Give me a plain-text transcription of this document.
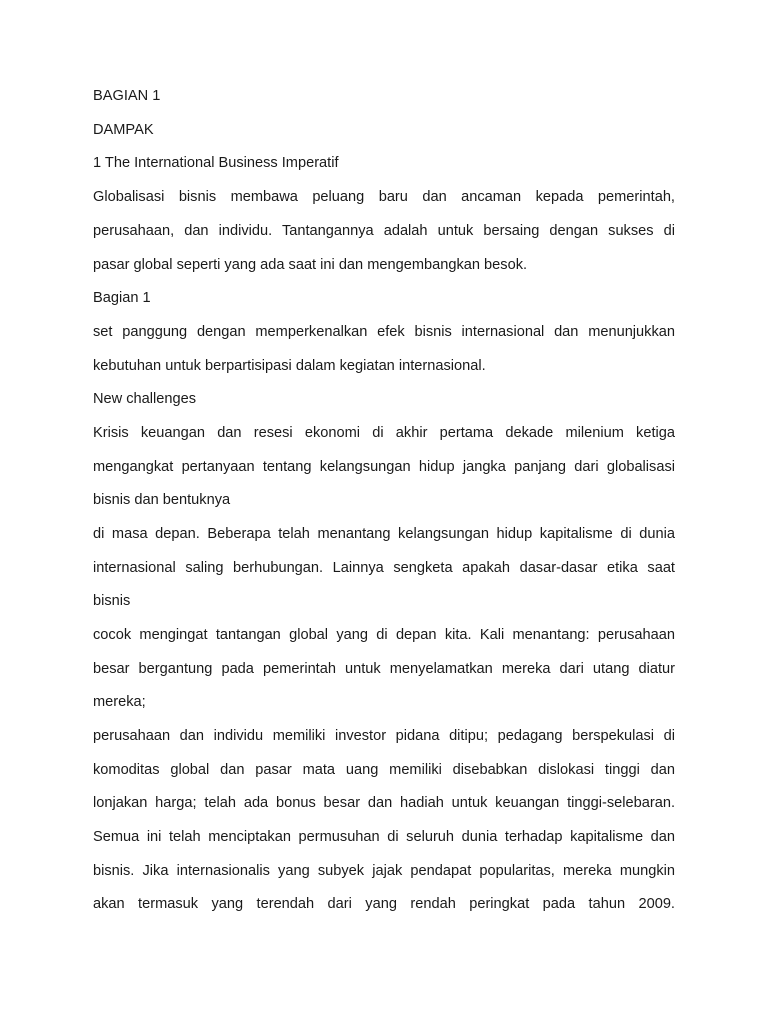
BAGIAN 1

DAMPAK

1 The International Business Imperatif

Globalisasi bisnis membawa peluang baru dan ancaman kepada pemerintah,

perusahaan, dan individu. Tantangannya adalah untuk bersaing dengan sukses di

pasar global seperti yang ada saat ini dan mengembangkan besok.

Bagian 1

set panggung dengan memperkenalkan efek bisnis internasional dan menunjukkan

kebutuhan untuk berpartisipasi dalam kegiatan internasional.

New challenges

Krisis keuangan dan resesi ekonomi di akhir pertama dekade milenium ketiga

mengangkat pertanyaan tentang kelangsungan hidup jangka panjang dari globalisasi

bisnis dan bentuknya

di masa depan. Beberapa telah menantang kelangsungan hidup kapitalisme di dunia

internasional saling berhubungan. Lainnya sengketa apakah dasar-dasar etika saat

bisnis

cocok mengingat tantangan global yang di depan kita. Kali menantang: perusahaan

besar bergantung pada pemerintah untuk menyelamatkan mereka dari utang diatur

mereka;

perusahaan dan individu memiliki investor pidana ditipu; pedagang berspekulasi di

komoditas global dan pasar mata uang memiliki disebabkan dislokasi tinggi dan

lonjakan harga; telah ada bonus besar dan hadiah untuk keuangan tinggi-selebaran.

Semua ini telah menciptakan permusuhan di seluruh dunia terhadap kapitalisme dan

bisnis. Jika internasionalis yang subyek jajak pendapat popularitas, mereka mungkin

akan termasuk yang terendah dari yang rendah peringkat pada tahun 2009.
